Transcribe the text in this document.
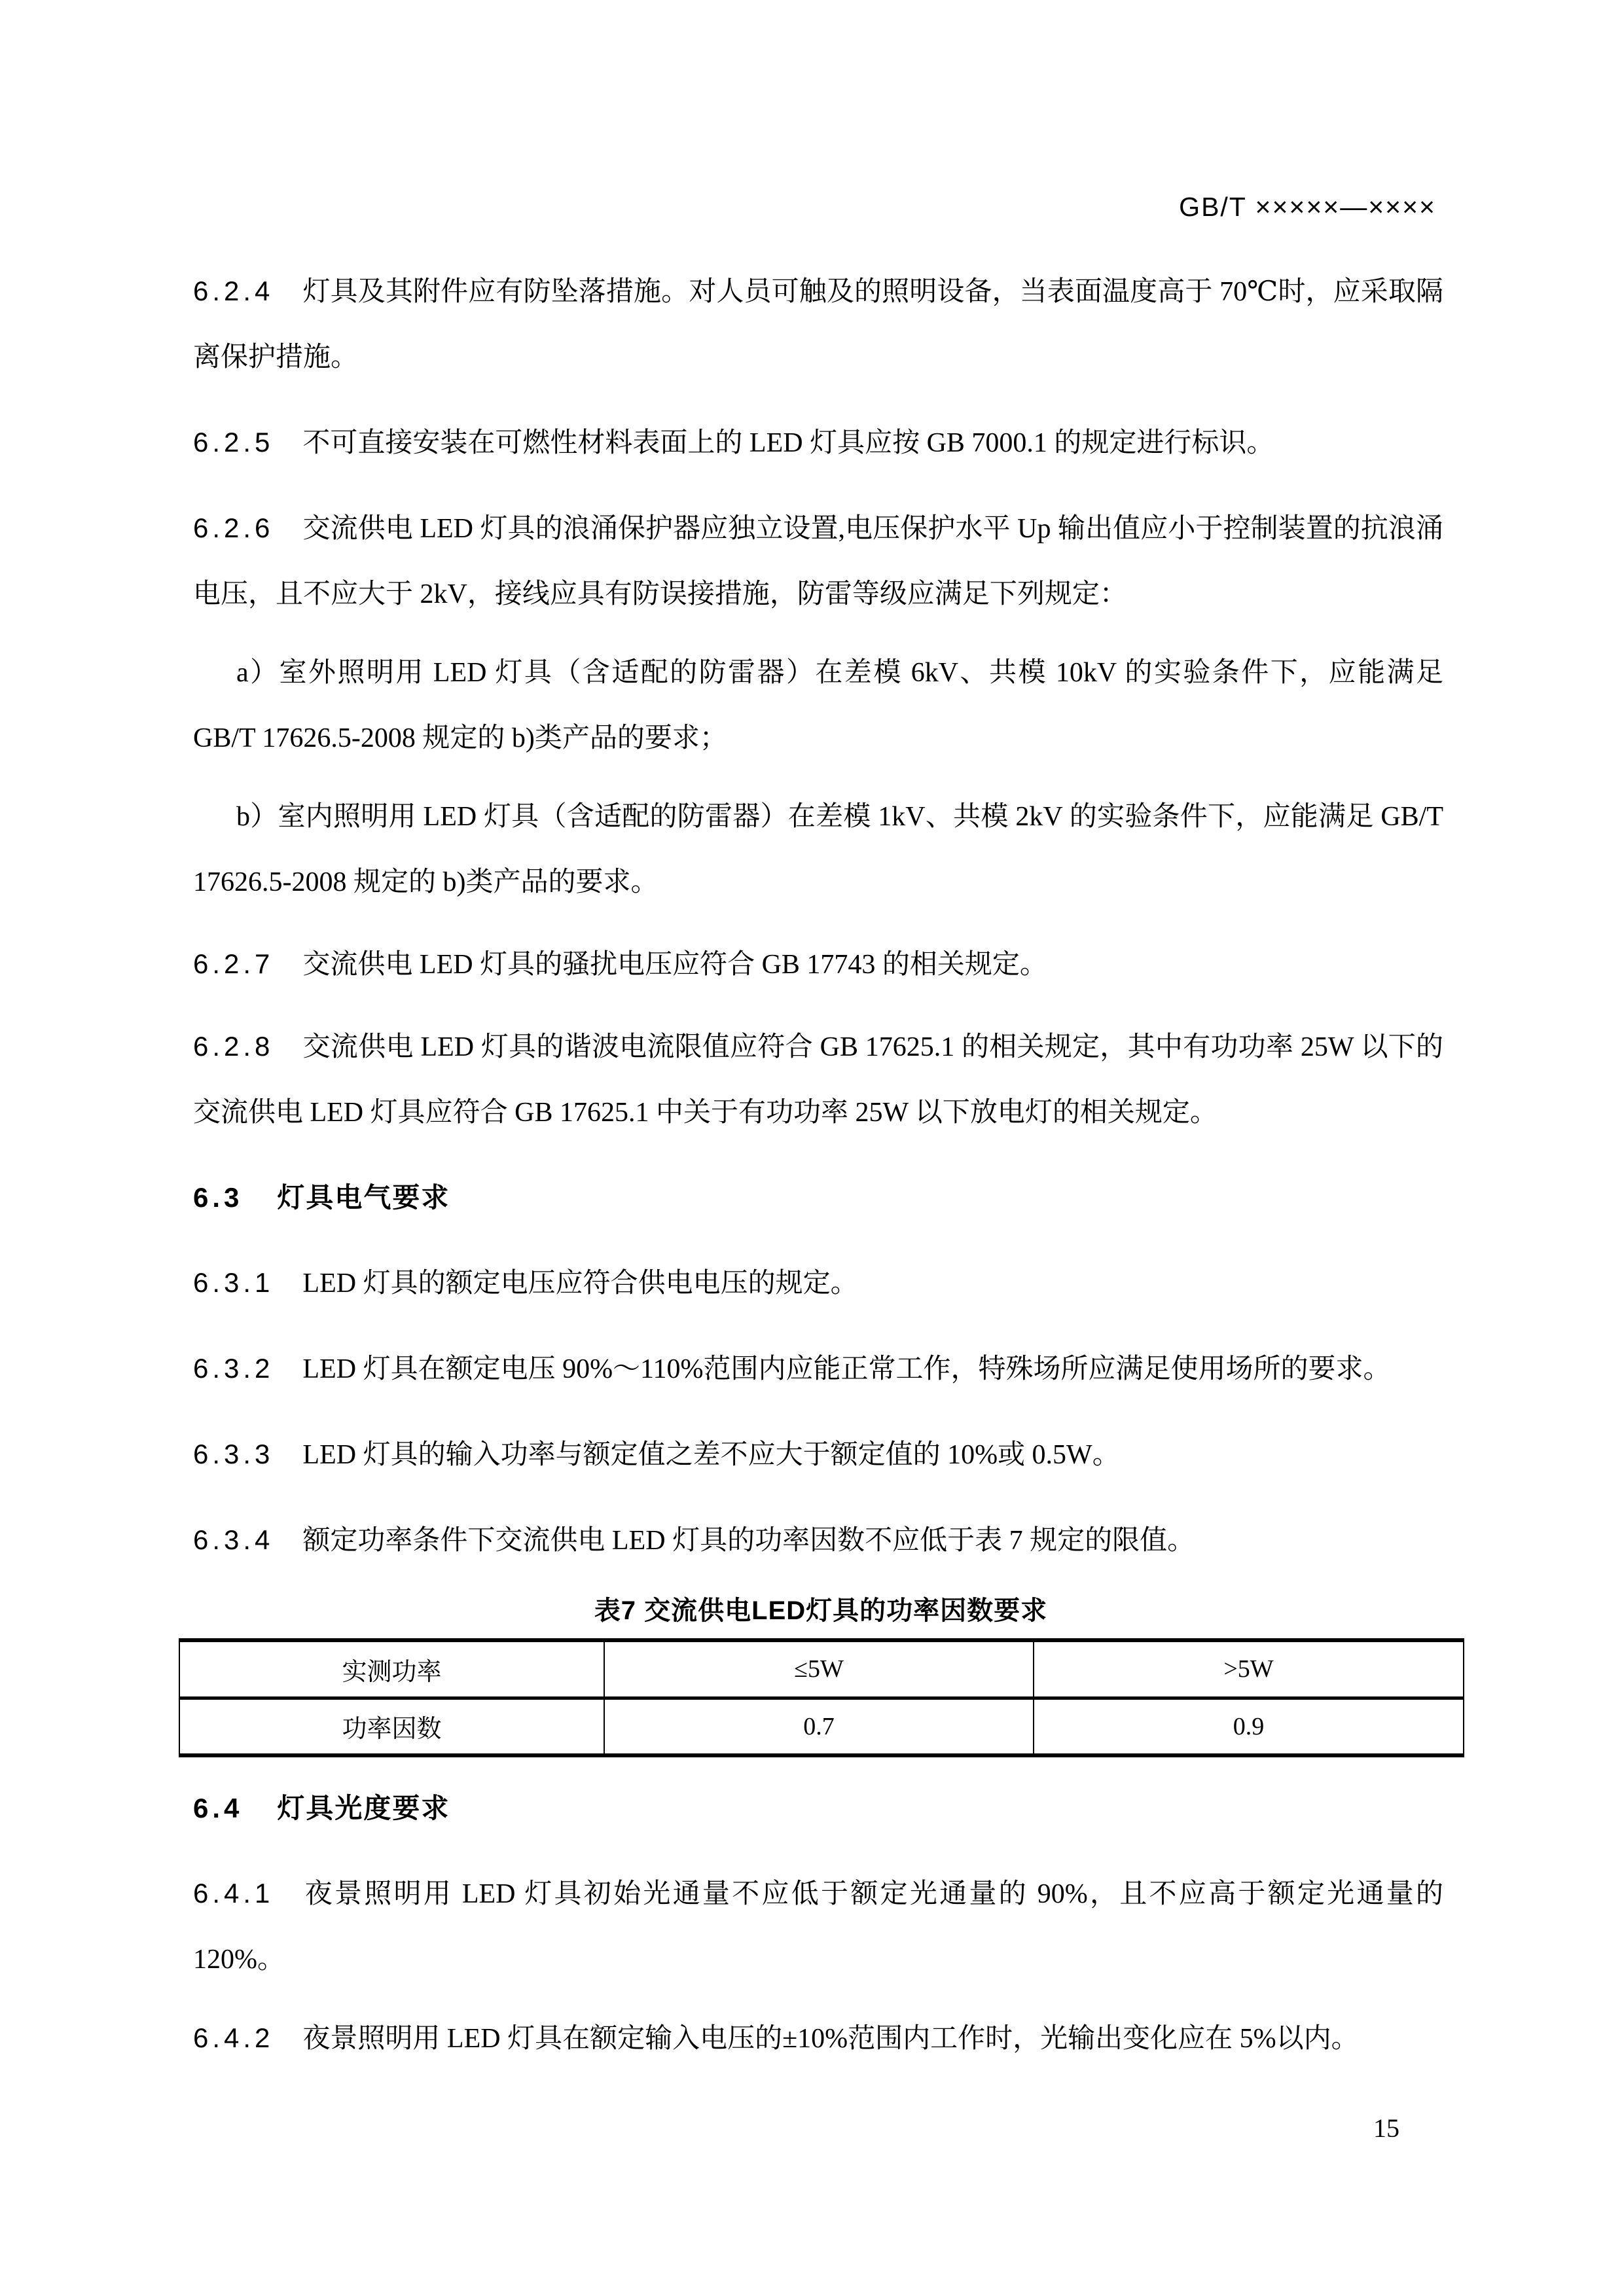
GB/T ×××××—××××

6.2.4 灯具及其附件应有防坠落措施。对人员可触及的照明设备，当表面温度高于 70℃时，应采取隔离保护措施。

6.2.5 不可直接安装在可燃性材料表面上的 LED 灯具应按 GB 7000.1 的规定进行标识。

6.2.6 交流供电 LED 灯具的浪涌保护器应独立设置,电压保护水平 Up 输出值应小于控制装置的抗浪涌电压，且不应大于 2kV，接线应具有防误接措施，防雷等级应满足下列规定：

a）室外照明用 LED 灯具（含适配的防雷器）在差模 6kV、共模 10kV 的实验条件下，应能满足 GB/T 17626.5-2008 规定的 b)类产品的要求；

b）室内照明用 LED 灯具（含适配的防雷器）在差模 1kV、共模 2kV 的实验条件下，应能满足 GB/T 17626.5-2008 规定的 b)类产品的要求。

6.2.7 交流供电 LED 灯具的骚扰电压应符合 GB 17743 的相关规定。

6.2.8 交流供电 LED 灯具的谐波电流限值应符合 GB 17625.1 的相关规定，其中有功功率 25W 以下的交流供电 LED 灯具应符合 GB 17625.1 中关于有功功率 25W 以下放电灯的相关规定。

6.3 灯具电气要求

6.3.1 LED 灯具的额定电压应符合供电电压的规定。

6.3.2 LED 灯具在额定电压 90%～110%范围内应能正常工作，特殊场所应满足使用场所的要求。

6.3.3 LED 灯具的输入功率与额定值之差不应大于额定值的 10%或 0.5W。

6.3.4 额定功率条件下交流供电 LED 灯具的功率因数不应低于表 7 规定的限值。

表7 交流供电LED灯具的功率因数要求
实测功率	≤5W	>5W
功率因数	0.7	0.9
6.4 灯具光度要求

6.4.1 夜景照明用 LED 灯具初始光通量不应低于额定光通量的 90%，且不应高于额定光通量的 120%。

6.4.2 夜景照明用 LED 灯具在额定输入电压的±10%范围内工作时，光输出变化应在 5%以内。

15
